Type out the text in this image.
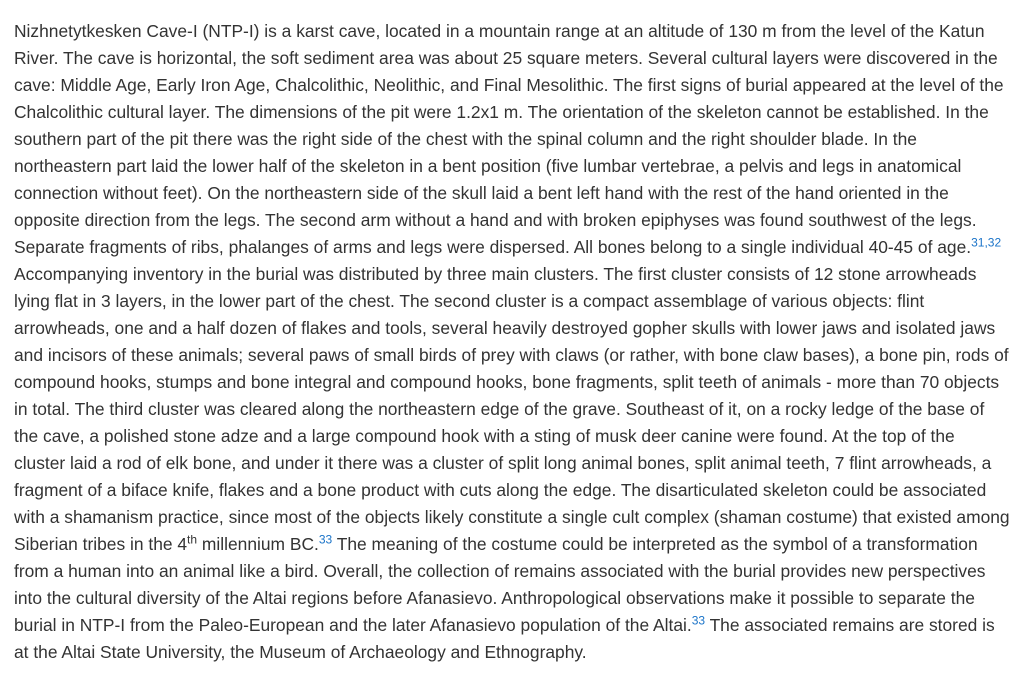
Nizhnetytkesken Cave-I (NTP-I) is a karst cave, located in a mountain range at an altitude of 130 m from the level of the Katun River. The cave is horizontal, the soft sediment area was about 25 square meters. Several cultural layers were discovered in the cave: Middle Age, Early Iron Age, Chalcolithic, Neolithic, and Final Mesolithic. The first signs of burial appeared at the level of the Chalcolithic cultural layer. The dimensions of the pit were 1.2x1 m. The orientation of the skeleton cannot be established. In the southern part of the pit there was the right side of the chest with the spinal column and the right shoulder blade. In the northeastern part laid the lower half of the skeleton in a bent position (five lumbar vertebrae, a pelvis and legs in anatomical connection without feet). On the northeastern side of the skull laid a bent left hand with the rest of the hand oriented in the opposite direction from the legs. The second arm without a hand and with broken epiphyses was found southwest of the legs. Separate fragments of ribs, phalanges of arms and legs were dispersed. All bones belong to a single individual 40-45 of age.$^{31,32}$ Accompanying inventory in the burial was distributed by three main clusters. The first cluster consists of 12 stone arrowheads lying flat in 3 layers, in the lower part of the chest. The second cluster is a compact assemblage of various objects: flint arrowheads, one and a half dozen of flakes and tools, several heavily destroyed gopher skulls with lower jaws and isolated jaws and incisors of these animals; several paws of small birds of prey with claws (or rather, with bone claw bases), a bone pin, rods of compound hooks, stumps and bone integral and compound hooks, bone fragments, split teeth of animals - more than 70 objects in total. The third cluster was cleared along the northeastern edge of the grave. Southeast of it, on a rocky ledge of the base of the cave, a polished stone adze and a large compound hook with a sting of musk deer canine were found. At the top of the cluster laid a rod of elk bone, and under it there was a cluster of split long animal bones, split animal teeth, 7 flint arrowheads, a fragment of a biface knife, flakes and a bone product with cuts along the edge. The disarticulated skeleton could be associated with a shamanism practice, since most of the objects likely constitute a single cult complex (shaman costume) that existed among Siberian tribes in the 4th millennium BC.$^{33}$ The meaning of the costume could be interpreted as the symbol of a transformation from a human into an animal like a bird. Overall, the collection of remains associated with the burial provides new perspectives into the cultural diversity of the Altai regions before Afanasievo. Anthropological observations make it possible to separate the burial in NTP-I from the Paleo-European and the later Afanasievo population of the Altai.$^{33}$ The associated remains are stored is at the Altai State University, the Museum of Archaeology and Ethnography.
